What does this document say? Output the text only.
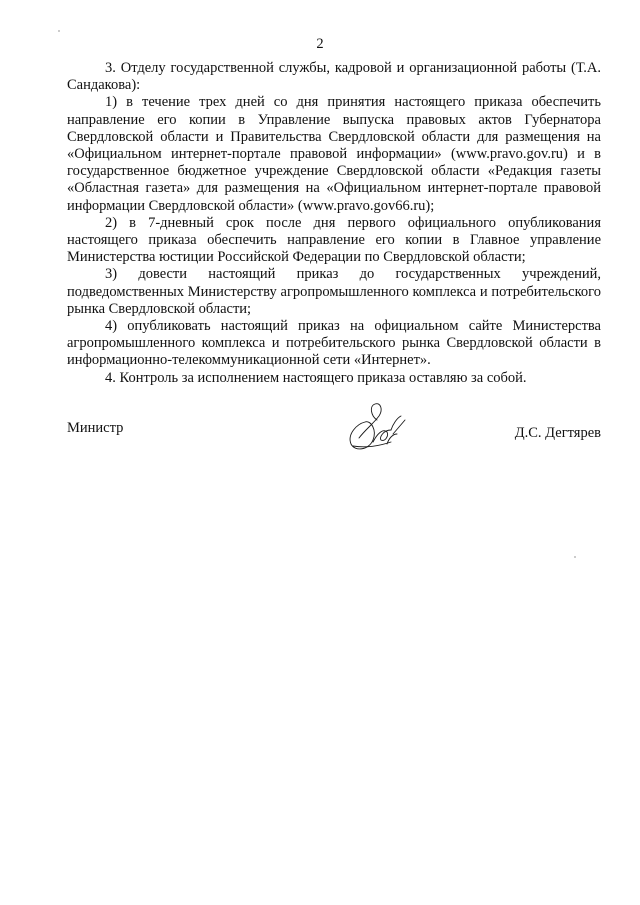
2

3. Отделу государственной службы, кадровой и организационной работы (Т.А. Сандакова):

1) в течение трех дней со дня принятия настоящего приказа обеспечить направление его копии в Управление выпуска правовых актов Губернатора Свердловской области и Правительства Свердловской области для размещения на «Официальном интернет-портале правовой информации» (www.pravo.gov.ru) и в государственное бюджетное учреждение Свердловской области «Редакция газеты «Областная газета» для размещения на «Официальном интернет-портале правовой информации Свердловской области» (www.pravo.gov66.ru);

2) в 7-дневный срок после дня первого официального опубликования настоящего приказа обеспечить направление его копии в Главное управление Министерства юстиции Российской Федерации по Свердловской области;

3) довести настоящий приказ до государственных учреждений, подведомственных Министерству агропромышленного комплекса и потребительского рынка Свердловской области;

4) опубликовать настоящий приказ на официальном сайте Министерства агропромышленного комплекса и потребительского рынка Свердловской области в информационно-телекоммуникационной сети «Интернет».

4. Контроль за исполнением настоящего приказа оставляю за собой.

Министр	Д.С. Дегтярев
